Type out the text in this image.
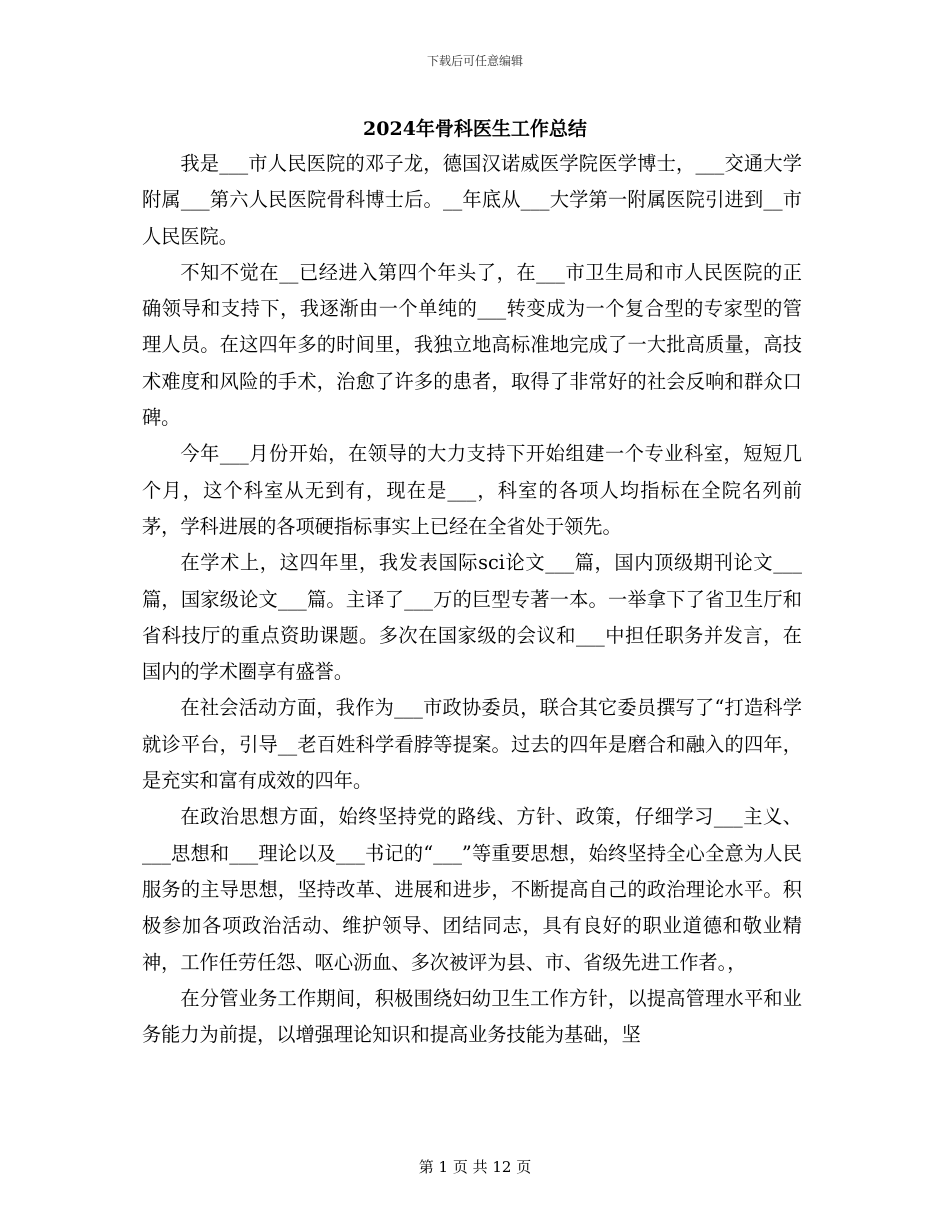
下载后可任意编辑
2024年骨科医生工作总结

我是___市人民医院的邓子龙，德国汉诺威医学院医学博士，___交通大学附属___第六人民医院骨科博士后。__年底从___大学第一附属医院引进到__市人民医院。

不知不觉在__已经进入第四个年头了，在___市卫生局和市人民医院的正确领导和支持下，我逐渐由一个单纯的___转变成为一个复合型的专家型的管理人员。在这四年多的时间里，我独立地高标准地完成了一大批高质量，高技术难度和风险的手术，治愈了许多的患者，取得了非常好的社会反响和群众口碑。

今年___月份开始，在领导的大力支持下开始组建一个专业科室，短短几个月，这个科室从无到有，现在是___，科室的各项人均指标在全院名列前茅，学科进展的各项硬指标事实上已经在全省处于领先。

在学术上，这四年里，我发表国际sci论文___篇，国内顶级期刊论文___篇，国家级论文___篇。主译了___万的巨型专著一本。一举拿下了省卫生厅和省科技厅的重点资助课题。多次在国家级的会议和___中担任职务并发言，在国内的学术圈享有盛誉。

在社会活动方面，我作为___市政协委员，联合其它委员撰写了“打造科学就诊平台，引导__老百姓科学看脖等提案。过去的四年是磨合和融入的四年，是充实和富有成效的四年。

在政治思想方面，始终坚持党的路线、方针、政策，仔细学习___主义、___思想和___理论以及___书记的“___”等重要思想，始终坚持全心全意为人民服务的主导思想，坚持改革、进展和进步，不断提高自己的政治理论水平。积极参加各项政治活动、维护领导、团结同志，具有良好的职业道德和敬业精神，工作任劳任怨、呕心沥血、多次被评为县、市、省级先进工作者。，

在分管业务工作期间，积极围绕妇幼卫生工作方针，以提高管理水平和业务能力为前提，以增强理论知识和提高业务技能为基础，坚

第 1 页 共 12 页
